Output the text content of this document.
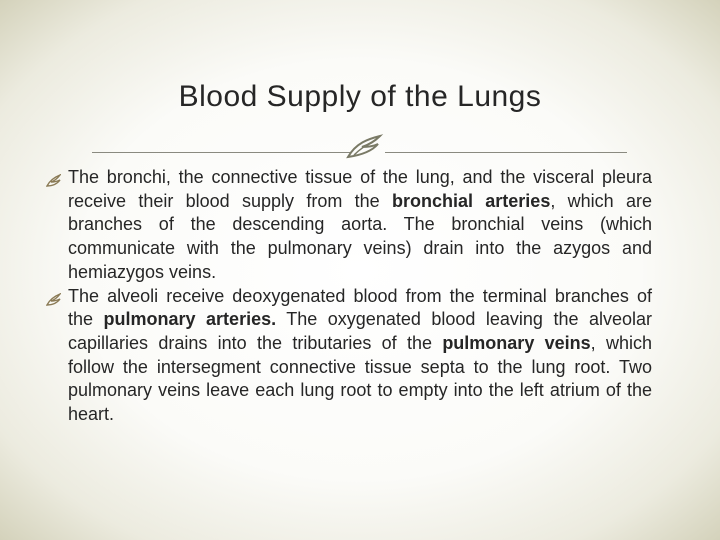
Blood Supply of the Lungs

The bronchi, the connective tissue of the lung, and the visceral pleura receive their blood supply from the bronchial arteries, which are branches of the descending aorta. The bronchial veins (which communicate with the pulmonary veins) drain into the azygos and hemiazygos veins.

The alveoli receive deoxygenated blood from the terminal branches of the pulmonary arteries. The oxygenated blood leaving the alveolar capillaries drains into the tributaries of the pulmonary veins, which follow the intersegment connective tissue septa to the lung root. Two pulmonary veins leave each lung root to empty into the left atrium of the heart.
